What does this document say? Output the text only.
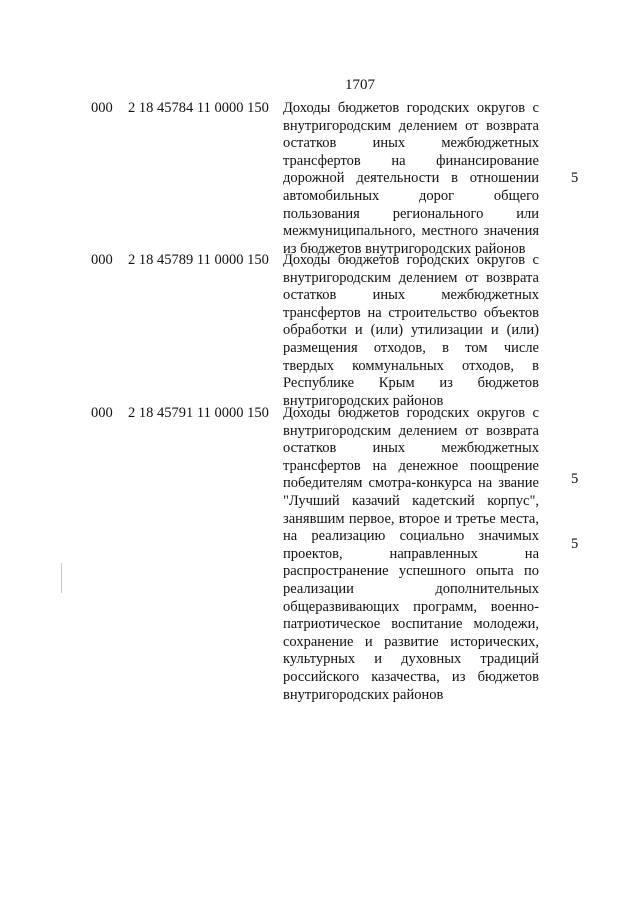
1707
000 2 18 45784 11 0000 150 Доходы бюджетов городских округов с внутригородским делением от возврата остатков иных межбюджетных трансфертов на финансирование дорожной деятельности в отношении автомобильных дорог общего пользования регионального или межмуниципального, местного значения из бюджетов внутригородских районов
5
000 2 18 45789 11 0000 150 Доходы бюджетов городских округов с внутригородским делением от возврата остатков иных межбюджетных трансфертов на строительство объектов обработки и (или) утилизации и (или) размещения отходов, в том числе твердых коммунальных отходов, в Республике Крым из бюджетов внутригородских районов
5
000 2 18 45791 11 0000 150 Доходы бюджетов городских округов с внутригородским делением от возврата остатков иных межбюджетных трансфертов на денежное поощрение победителям смотра-конкурса на звание "Лучший казачий кадетский корпус", занявшим первое, второе и третье места, на реализацию социально значимых проектов, направленных на распространение успешного опыта по реализации дополнительных общеразвивающих программ, военно-патриотическое воспитание молодежи, сохранение и развитие исторических, культурных и духовных традиций российского казачества, из бюджетов внутригородских районов
5
